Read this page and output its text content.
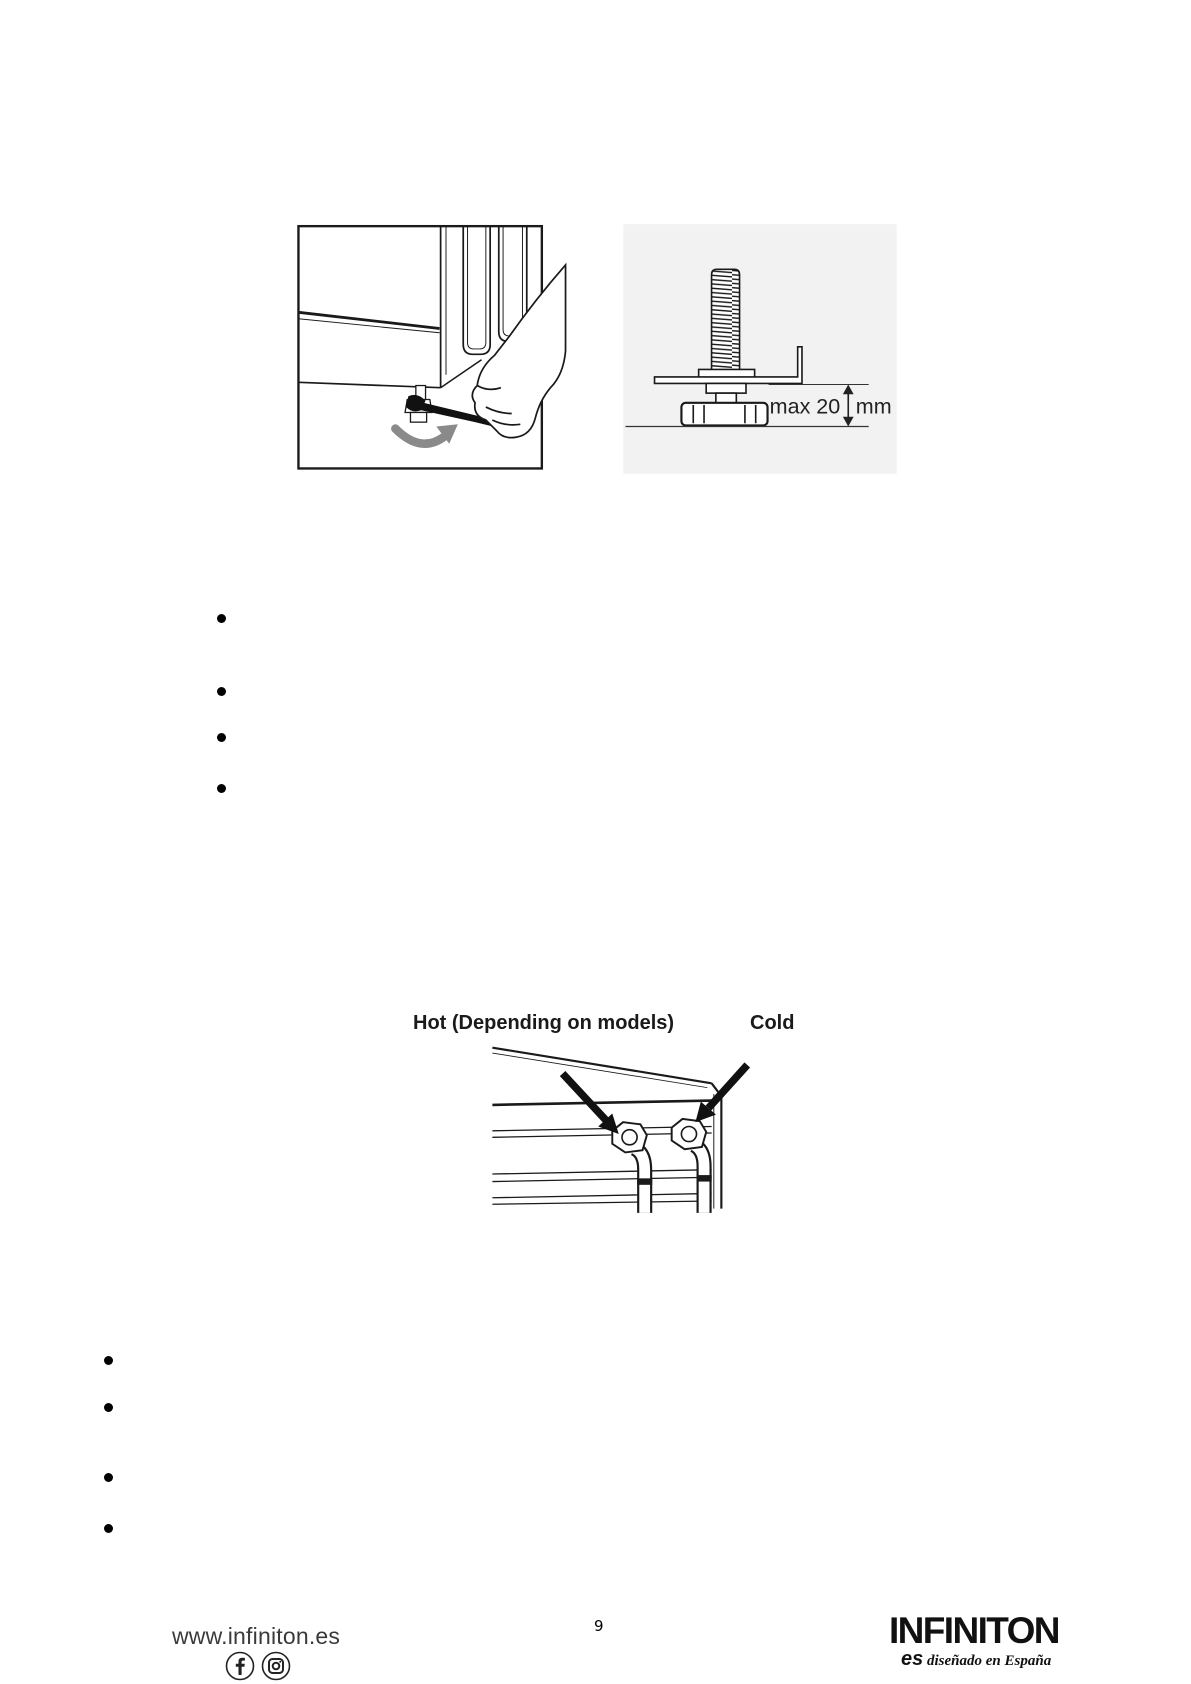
max 20 mm
Hot (Depending on models)	Cold
www.infiniton.es	9	INFINITON
es diseñado en España
